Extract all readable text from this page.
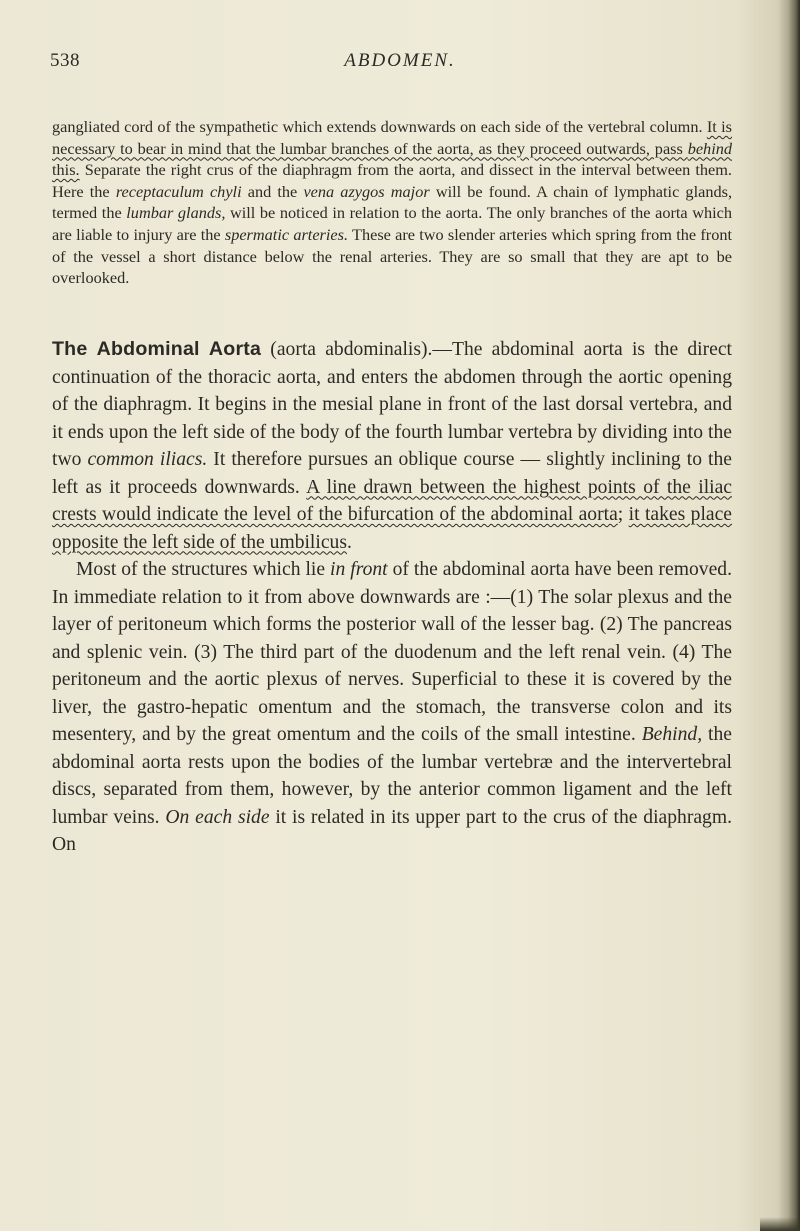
538	ABDOMEN.

gangliated cord of the sympathetic which extends downwards on each side of the vertebral column. It is necessary to bear in mind that the lumbar branches of the aorta, as they proceed outwards, pass behind this. Separate the right crus of the diaphragm from the aorta, and dissect in the interval between them. Here the receptaculum chyli and the vena azygos major will be found. A chain of lymphatic glands, termed the lumbar glands, will be noticed in relation to the aorta. The only branches of the aorta which are liable to injury are the spermatic arteries. These are two slender arteries which spring from the front of the vessel a short distance below the renal arteries. They are so small that they are apt to be overlooked.

The Abdominal Aorta (aorta abdominalis).—The abdominal aorta is the direct continuation of the thoracic aorta, and enters the abdomen through the aortic opening of the diaphragm. It begins in the mesial plane in front of the last dorsal vertebra, and it ends upon the left side of the body of the fourth lumbar vertebra by dividing into the two common iliacs. It therefore pursues an oblique course — slightly inclining to the left as it proceeds downwards. A line drawn between the highest points of the iliac crests would indicate the level of the bifurcation of the abdominal aorta; it takes place opposite the left side of the umbilicus.

Most of the structures which lie in front of the abdominal aorta have been removed. In immediate relation to it from above downwards are :—(1) The solar plexus and the layer of peritoneum which forms the posterior wall of the lesser bag. (2) The pancreas and splenic vein. (3) The third part of the duodenum and the left renal vein. (4) The peritoneum and the aortic plexus of nerves. Superficial to these it is covered by the liver, the gastro-hepatic omentum and the stomach, the transverse colon and its mesentery, and by the great omentum and the coils of the small intestine. Behind, the abdominal aorta rests upon the bodies of the lumbar vertebræ and the intervertebral discs, separated from them, however, by the anterior common ligament and the left lumbar veins. On each side it is related in its upper part to the crus of the diaphragm. On
